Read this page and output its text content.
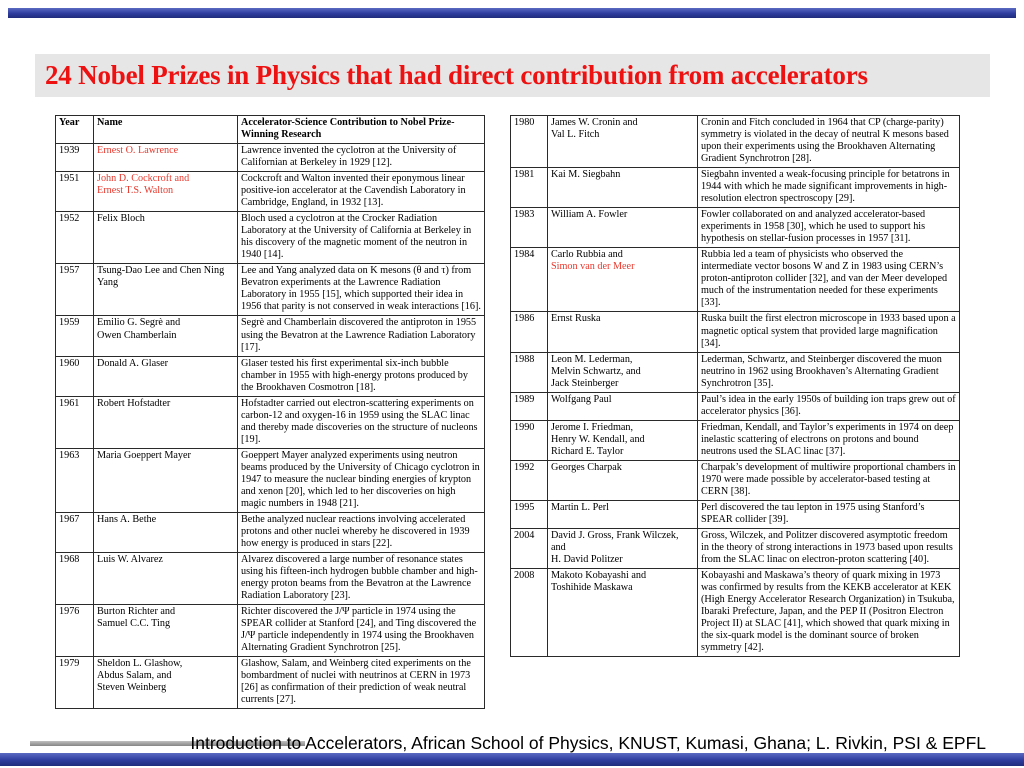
24 Nobel Prizes in Physics that had direct contribution from accelerators
Year	Name	Accelerator-Science Contribution to Nobel Prize-Winning Research
1939	Ernest O. Lawrence	Lawrence invented the cyclotron at the University of Californian at Berkeley in 1929 [12].
1951	John D. Cockcroft and
Ernest T.S. Walton	Cockcroft and Walton invented their eponymous linear positive-ion accelerator at the Cavendish Laboratory in Cambridge, England, in 1932 [13].
1952	Felix Bloch	Bloch used a cyclotron at the Crocker Radiation Laboratory at the University of California at Berkeley in his discovery of the magnetic moment of the neutron in 1940 [14].
1957	Tsung-Dao Lee and Chen Ning
Yang	Lee and Yang analyzed data on K mesons (θ and τ) from Bevatron experiments at the Lawrence Radiation Laboratory in 1955 [15], which supported their idea in 1956 that parity is not conserved in weak interactions [16].
1959	Emilio G. Segrè and
Owen Chamberlain	Segrè and Chamberlain discovered the antiproton in 1955 using the Bevatron at the Lawrence Radiation Laboratory [17].
1960	Donald A. Glaser	Glaser tested his first experimental six-inch bubble chamber in 1955 with high-energy protons produced by the Brookhaven Cosmotron [18].
1961	Robert Hofstadter	Hofstadter carried out electron-scattering experiments on carbon-12 and oxygen-16 in 1959 using the SLAC linac and thereby made discoveries on the structure of nucleons [19].
1963	Maria Goeppert Mayer	Goeppert Mayer analyzed experiments using neutron beams produced by the University of Chicago cyclotron in 1947 to measure the nuclear binding energies of krypton and xenon [20], which led to her discoveries on high magic numbers in 1948 [21].
1967	Hans A. Bethe	Bethe analyzed nuclear reactions involving accelerated protons and other nuclei whereby he discovered in 1939 how energy is produced in stars [22].
1968	Luis W. Alvarez	Alvarez discovered a large number of resonance states using his fifteen-inch hydrogen bubble chamber and high-energy proton beams from the Bevatron at the Lawrence Radiation Laboratory [23].
1976	Burton Richter and
Samuel C.C. Ting	Richter discovered the J/Ψ particle in 1974 using the SPEAR collider at Stanford [24], and Ting discovered the J/Ψ particle independently in 1974 using the Brookhaven Alternating Gradient Synchrotron [25].
1979	Sheldon L. Glashow,
Abdus Salam, and
Steven Weinberg	Glashow, Salam, and Weinberg cited experiments on the bombardment of nuclei with neutrinos at CERN in 1973 [26] as confirmation of their prediction of weak neutral currents [27].
1980	James W. Cronin and
Val L. Fitch	Cronin and Fitch concluded in 1964 that CP (charge-parity) symmetry is violated in the decay of neutral K mesons based upon their experiments using the Brookhaven Alternating Gradient Synchrotron [28].
1981	Kai M. Siegbahn	Siegbahn invented a weak-focusing principle for betatrons in 1944 with which he made significant improvements in high-resolution electron spectroscopy [29].
1983	William A. Fowler	Fowler collaborated on and analyzed accelerator-based experiments in 1958 [30], which he used to support his hypothesis on stellar-fusion processes in 1957 [31].
1984	Carlo Rubbia and
Simon van der Meer	Rubbia led a team of physicists who observed the intermediate vector bosons W and Z in 1983 using CERN’s proton-antiproton collider [32], and van der Meer developed much of the instrumentation needed for these experiments [33].
1986	Ernst Ruska	Ruska built the first electron microscope in 1933 based upon a magnetic optical system that provided large magnification [34].
1988	Leon M. Lederman,
Melvin Schwartz, and
Jack Steinberger	Lederman, Schwartz, and Steinberger discovered the muon neutrino in 1962 using Brookhaven’s Alternating Gradient Synchrotron [35].
1989	Wolfgang Paul	Paul’s idea in the early 1950s of building ion traps grew out of accelerator physics [36].
1990	Jerome I. Friedman,
Henry W. Kendall, and
Richard E. Taylor	Friedman, Kendall, and Taylor’s experiments in 1974 on deep inelastic scattering of electrons on protons and bound neutrons used the SLAC linac [37].
1992	Georges Charpak	Charpak’s development of multiwire proportional chambers in 1970 were made possible by accelerator-based testing at CERN [38].
1995	Martin L. Perl	Perl discovered the tau lepton in 1975 using Stanford’s SPEAR collider [39].
2004	David J. Gross, Frank Wilczek,
and
H. David Politzer	Gross, Wilczek, and Politzer discovered asymptotic freedom in the theory of strong interactions in 1973 based upon results from the SLAC linac on electron-proton scattering [40].
2008	Makoto Kobayashi and
Toshihide Maskawa	Kobayashi and Maskawa’s theory of quark mixing in 1973 was confirmed by results from the KEKB accelerator at KEK (High Energy Accelerator Research Organization) in Tsukuba, Ibaraki Prefecture, Japan, and the PEP II (Positron Electron Project II) at SLAC [41], which showed that quark mixing in the six-quark model is the dominant source of broken symmetry [42].
Introduction to Accelerators, African School of Physics, KNUST, Kumasi, Ghana; L. Rivkin, PSI & EPFL
